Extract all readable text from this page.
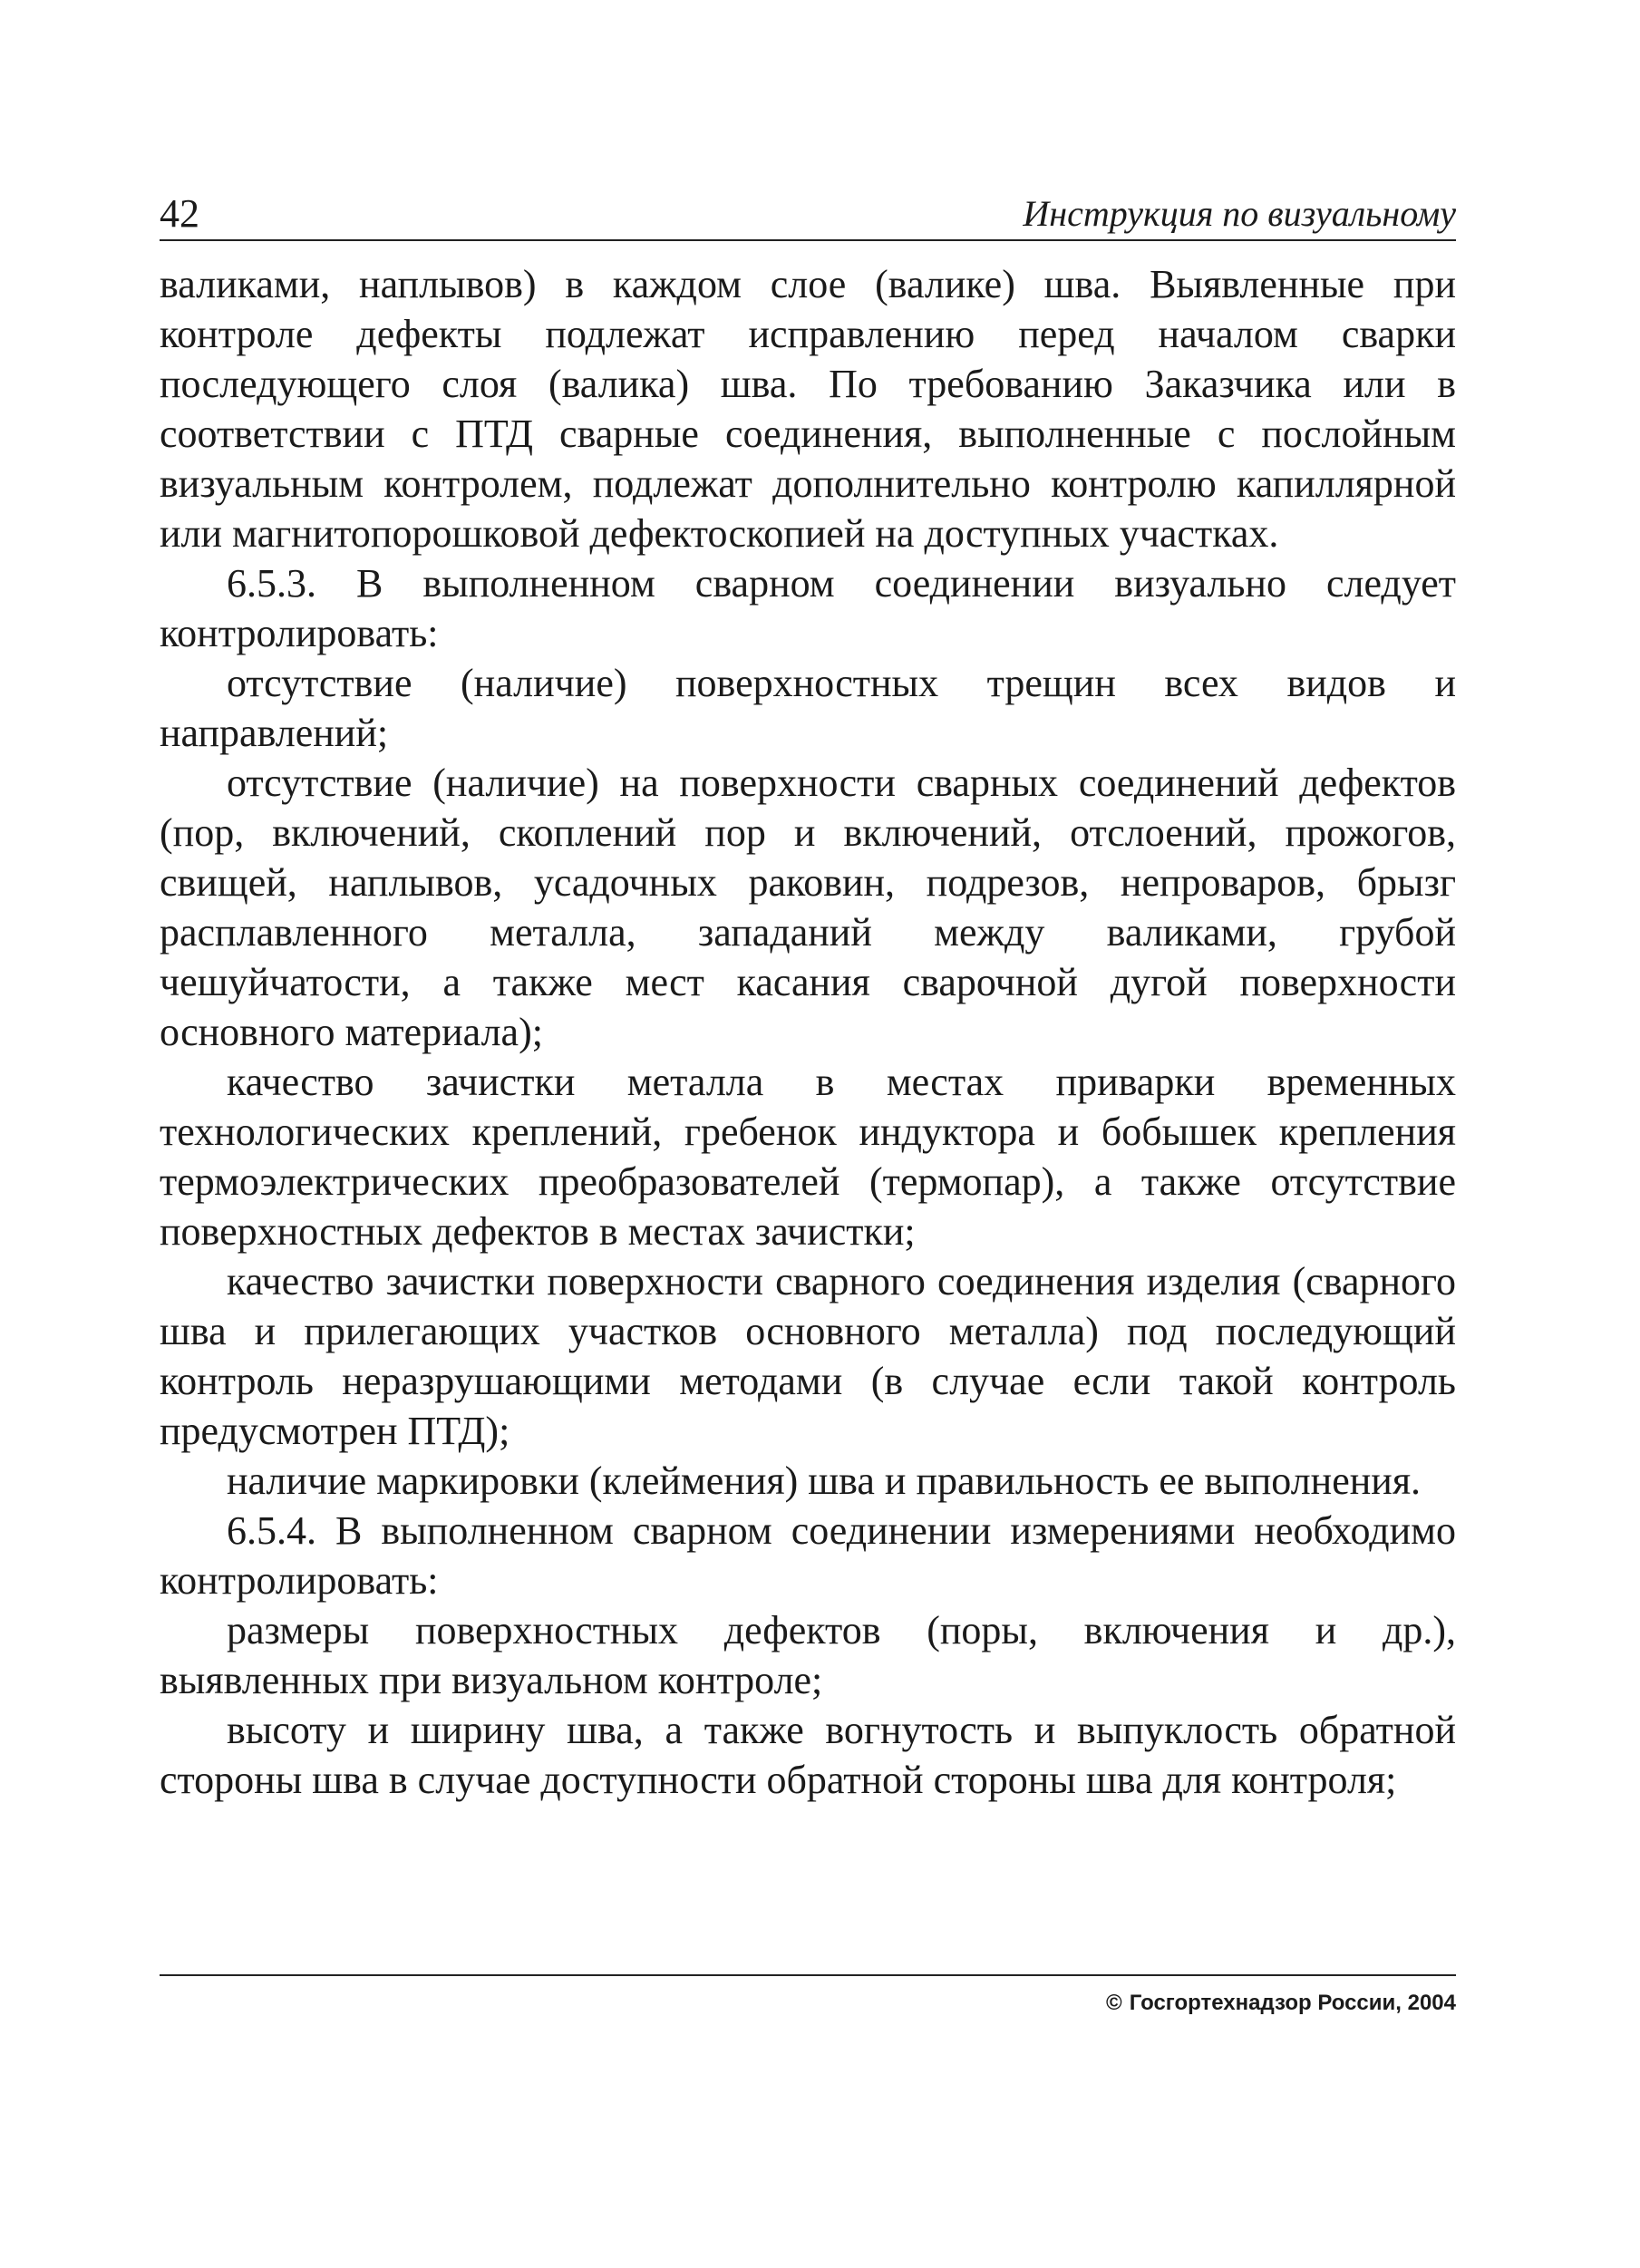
42	Инструкция по визуальному

валиками, наплывов) в каждом слое (валике) шва. Выявленные при контроле дефекты подлежат исправлению перед началом сварки последующего слоя (валика) шва. По требованию Заказчика или в соответствии с ПТД сварные соединения, выполненные с послойным визуальным контролем, подлежат дополнительно контролю капиллярной или магнитопорошковой дефектоскопией на доступных участках.

6.5.3. В выполненном сварном соединении визуально следует контролировать:

отсутствие (наличие) поверхностных трещин всех видов и направлений;

отсутствие (наличие) на поверхности сварных соединений дефектов (пор, включений, скоплений пор и включений, отслоений, прожогов, свищей, наплывов, усадочных раковин, подрезов, непроваров, брызг расплавленного металла, западаний между валиками, грубой чешуйчатости, а также мест касания сварочной дугой поверхности основного материала);

качество зачистки металла в местах приварки временных технологических креплений, гребенок индуктора и бобышек крепления термоэлектрических преобразователей (термопар), а также отсутствие поверхностных дефектов в местах зачистки;

качество зачистки поверхности сварного соединения изделия (сварного шва и прилегающих участков основного металла) под последующий контроль неразрушающими методами (в случае если такой контроль предусмотрен ПТД);

наличие маркировки (клеймения) шва и правильность ее выполнения.

6.5.4. В выполненном сварном соединении измерениями необходимо контролировать:

размеры поверхностных дефектов (поры, включения и др.), выявленных при визуальном контроле;

высоту и ширину шва, а также вогнутость и выпуклость обратной стороны шва в случае доступности обратной стороны шва для контроля;

© Госгортехнадзор России, 2004
